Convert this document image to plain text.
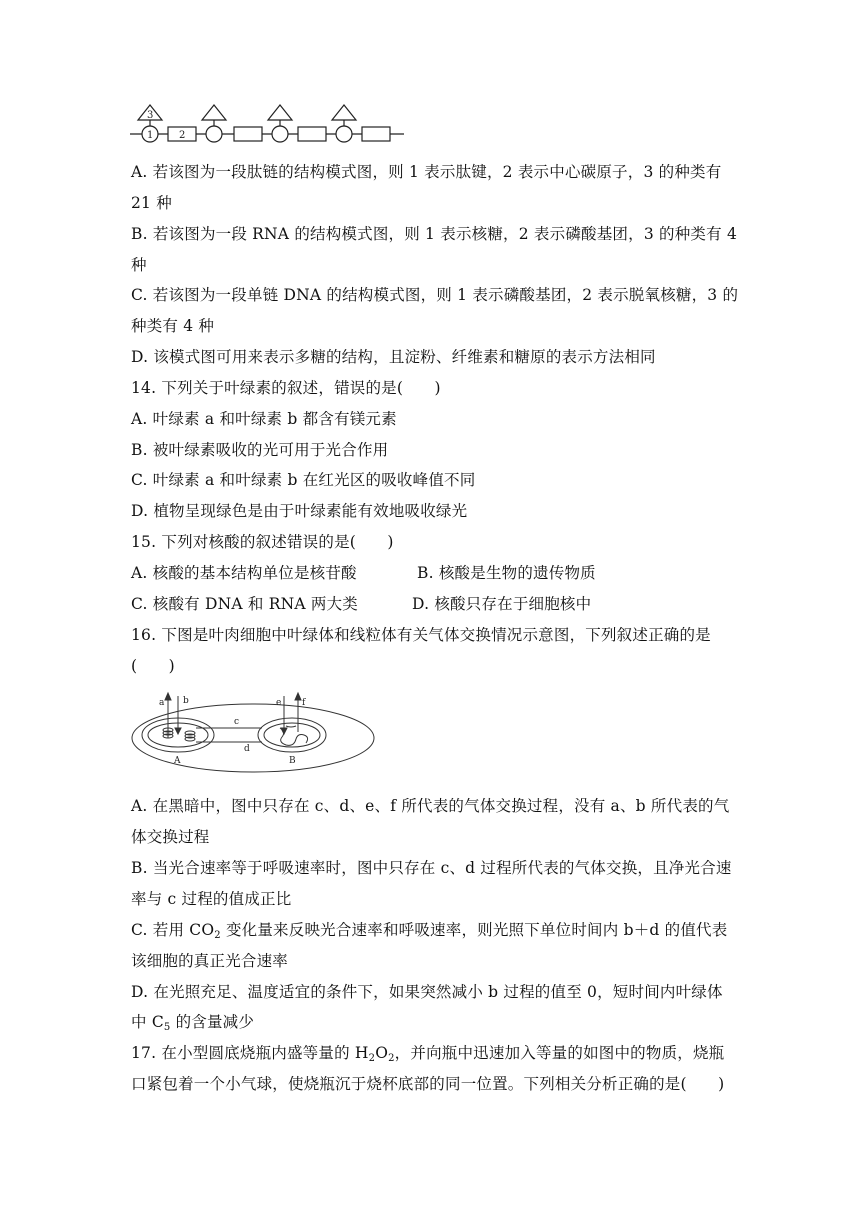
1	2
3
A. 若该图为一段肽链的结构模式图，则 1 表示肽键，2 表示中心碳原子，3 的种类有
21 种
B. 若该图为一段 RNA 的结构模式图，则 1 表示核糖，2 表示磷酸基团，3 的种类有 4
种
C. 若该图为一段单链 DNA 的结构模式图，则 1 表示磷酸基团，2 表示脱氧核糖，3 的
种类有 4 种
D. 该模式图可用来表示多糖的结构，且淀粉、纤维素和糖原的表示方法相同
14. 下列关于叶绿素的叙述，错误的是(　　)
A. 叶绿素 a 和叶绿素 b 都含有镁元素
B. 被叶绿素吸收的光可用于光合作用
C. 叶绿素 a 和叶绿素 b 在红光区的吸收峰值不同
D. 植物呈现绿色是由于叶绿素能有效地吸收绿光
15. 下列对核酸的叙述错误的是(　　)
A. 核酸的基本结构单位是核苷酸	B. 核酸是生物的遗传物质
C. 核酸有 DNA 和 RNA 两大类	D. 核酸只存在于细胞核中
16. 下图是叶肉细胞中叶绿体和线粒体有关气体交换情况示意图，下列叙述正确的是
(　　)
a b
c
d
e f
A	B
A. 在黑暗中，图中只存在 c、d、e、f 所代表的气体交换过程，没有 a、b 所代表的气
体交换过程
B. 当光合速率等于呼吸速率时，图中只存在 c、d 过程所代表的气体交换，且净光合速
率与 c 过程的值成正比
C. 若用 $CO_2$ 变化量来反映光合速率和呼吸速率，则光照下单位时间内 b＋d 的值代表
该细胞的真正光合速率
D. 在光照充足、温度适宜的条件下，如果突然减小 b 过程的值至 0，短时间内叶绿体
中 $C_5$ 的含量减少
17. 在小型圆底烧瓶内盛等量的 $H_2O_2$，并向瓶中迅速加入等量的如图中的物质，烧瓶
口紧包着一个小气球，使烧瓶沉于烧杯底部的同一位置。下列相关分析正确的是(　　)
